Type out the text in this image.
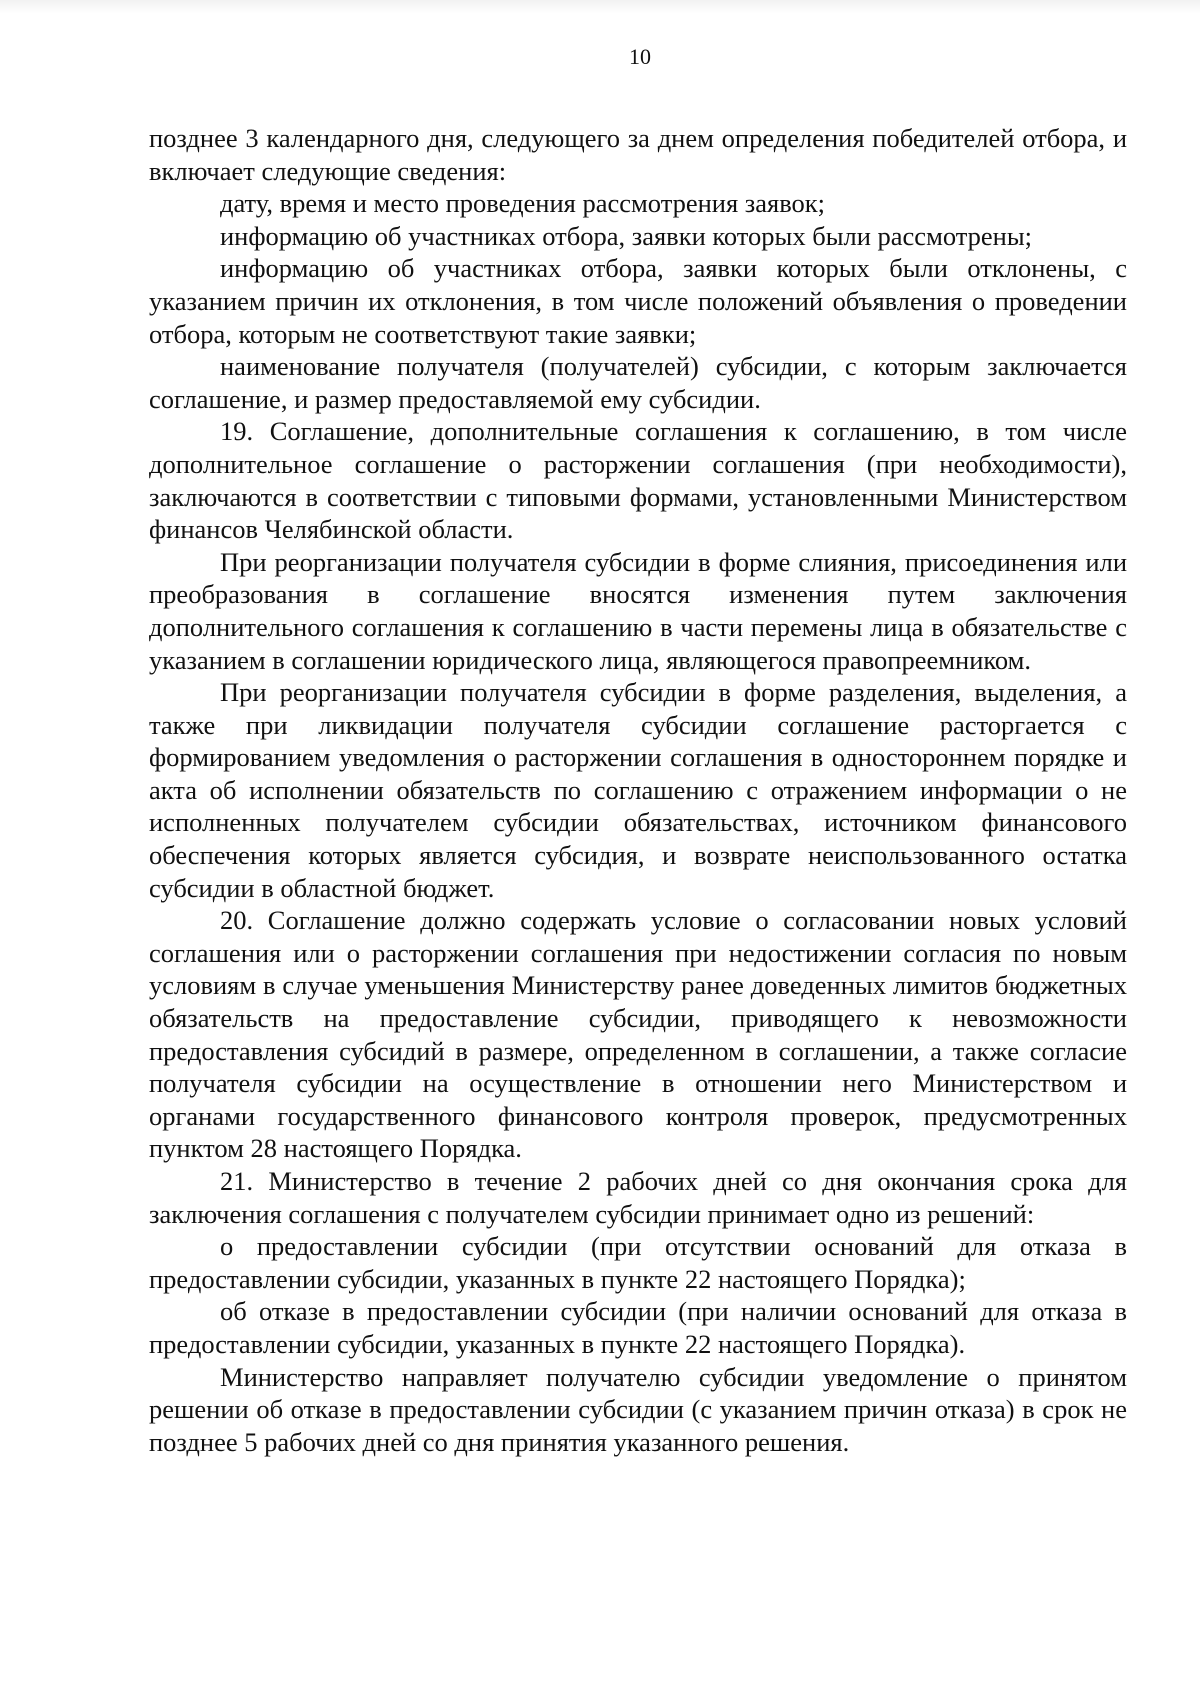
10

позднее 3 календарного дня, следующего за днем определения победителей отбора, и включает следующие сведения:

дату, время и место проведения рассмотрения заявок;

информацию об участниках отбора, заявки которых были рассмотрены;

информацию об участниках отбора, заявки которых были отклонены, с указанием причин их отклонения, в том числе положений объявления о проведении отбора, которым не соответствуют такие заявки;

наименование получателя (получателей) субсидии, с которым заключается соглашение, и размер предоставляемой ему субсидии.

19. Соглашение, дополнительные соглашения к соглашению, в том числе дополнительное соглашение о расторжении соглашения (при необходимости), заключаются в соответствии с типовыми формами, установленными Министерством финансов Челябинской области.

При реорганизации получателя субсидии в форме слияния, присоединения или преобразования в соглашение вносятся изменения путем заключения дополнительного соглашения к соглашению в части перемены лица в обязательстве с указанием в соглашении юридического лица, являющегося правопреемником.

При реорганизации получателя субсидии в форме разделения, выделения, а также при ликвидации получателя субсидии соглашение расторгается с формированием уведомления о расторжении соглашения в одностороннем порядке и акта об исполнении обязательств по соглашению с отражением информации о не исполненных получателем субсидии обязательствах, источником финансового обеспечения которых является субсидия, и возврате неиспользованного остатка субсидии в областной бюджет.

20. Соглашение должно содержать условие о согласовании новых условий соглашения или о расторжении соглашения при недостижении согласия по новым условиям в случае уменьшения Министерству ранее доведенных лимитов бюджетных обязательств на предоставление субсидии, приводящего к невозможности предоставления субсидий в размере, определенном в соглашении, а также согласие получателя субсидии на осуществление в отношении него Министерством и органами государственного финансового контроля проверок, предусмотренных пунктом 28 настоящего Порядка.

21. Министерство в течение 2 рабочих дней со дня окончания срока для заключения соглашения с получателем субсидии принимает одно из решений:

о предоставлении субсидии (при отсутствии оснований для отказа в предоставлении субсидии, указанных в пункте 22 настоящего Порядка);

об отказе в предоставлении субсидии (при наличии оснований для отказа в предоставлении субсидии, указанных в пункте 22 настоящего Порядка).

Министерство направляет получателю субсидии уведомление о принятом решении об отказе в предоставлении субсидии (с указанием причин отказа) в срок не позднее 5 рабочих дней со дня принятия указанного решения.
